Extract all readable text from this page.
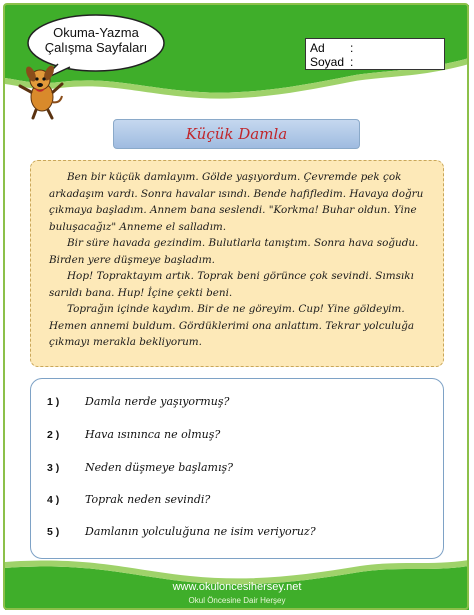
Okuma-Yazma
Çalışma Sayfaları	Ad	:
Soyad :
Küçük Damla

Ben bir küçük damlayım. Gölde yaşıyordum. Çevremde pek çok arkadaşım vardı. Sonra havalar ısındı. Bende hafifledim. Havaya doğru çıkmaya başladım. Annem bana seslendi. "Korkma! Buhar oldun. Yine buluşacağız" Anneme el salladım.

Bir süre havada gezindim. Bulutlarla tanıştım. Sonra hava soğudu. Birden yere düşmeye başladım.

Hop! Topraktayım artık. Toprak beni görünce çok sevindi. Sımsıkı sarıldı bana. Hup! İçine çekti beni.

Toprağın içinde kaydım. Bir de ne göreyim. Cup! Yine göldeyim. Hemen annemi buldum. Gördüklerimi ona anlattım. Tekrar yolculuğa çıkmayı merakla bekliyorum.

1 )	Damla nerde yaşıyormuş?
2 )	Hava ısınınca ne olmuş?
3 )	Neden düşmeye başlamış?
4 )	Toprak neden sevindi?
5 )	Damlanın yolculuğuna ne isim veriyoruz?
www.okuloncesihersey.net
Okul Öncesine Dair Herşey
